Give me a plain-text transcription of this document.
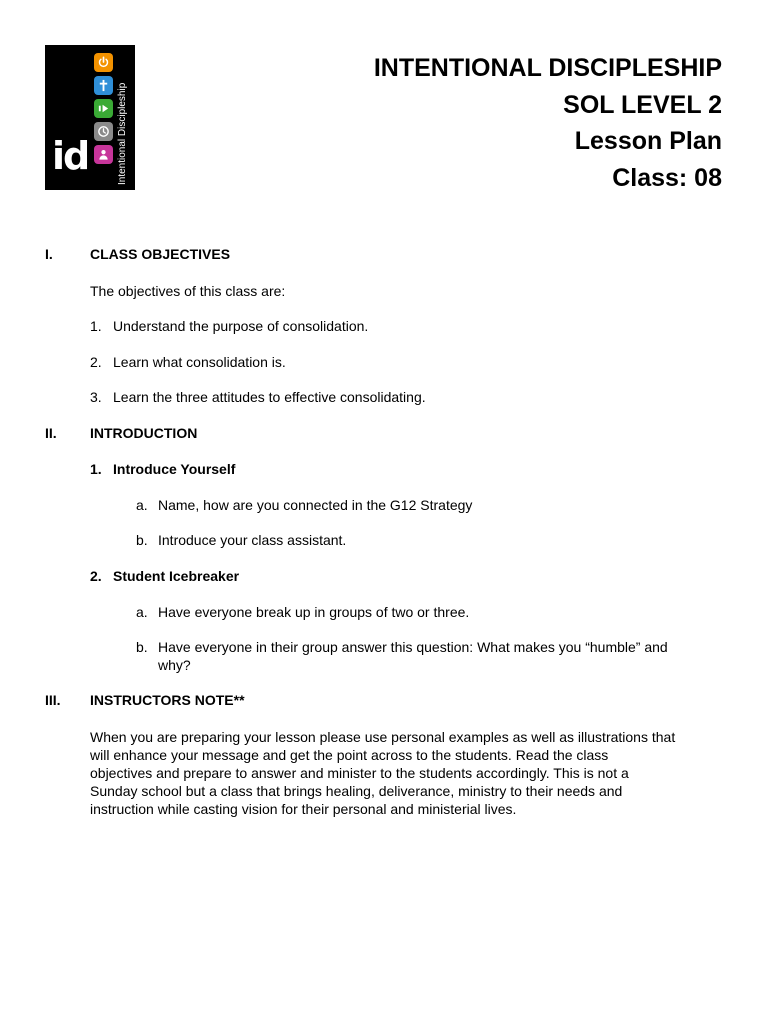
Intentional Discipleship
id
INTENTIONAL DISCIPLESHIP
SOL LEVEL 2
Lesson Plan
Class: 08
I.	CLASS OBJECTIVES
The objectives of this class are:
1. Understand the purpose of consolidation.
2. Learn what consolidation is.
3. Learn the three attitudes to effective consolidating.
II. INTRODUCTION
1. Introduce Yourself
a. Name, how are you connected in the G12 Strategy
b. Introduce your class assistant.
2. Student Icebreaker
a. Have everyone break up in groups of two or three.
b. Have everyone in their group answer this question: What makes you “humble” and
why?
III. INSTRUCTORS NOTE**
When you are preparing your lesson please use personal examples as well as illustrations that
will enhance your message and get the point across to the students. Read the class
objectives and prepare to answer and minister to the students accordingly. This is not a
Sunday school but a class that brings healing, deliverance, ministry to their needs and
instruction while casting vision for their personal and ministerial lives.
